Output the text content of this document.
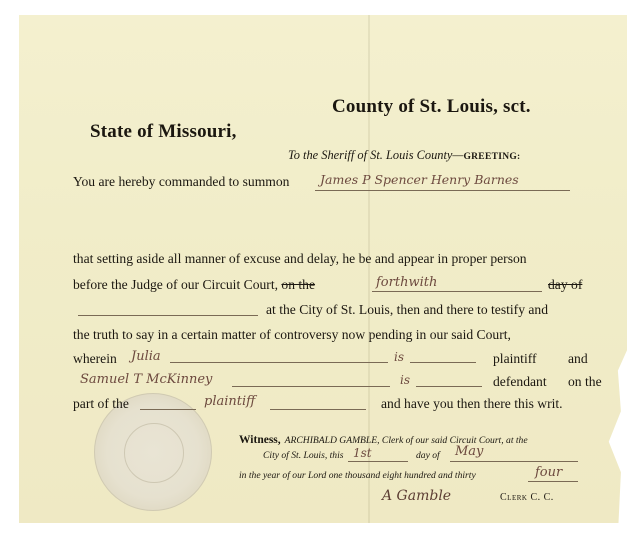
County of St. Louis, sct.
State of Missouri,
To the Sheriff of St. Louis County—GREETING:
You are hereby commanded to summon James P Spencer Henry Barnes
that setting aside all manner of excuse and delay, he be and appear in proper person
before the Judge of our Circuit Court, on the	forthwith	day of
at the City of St. Louis, then and there to testify and
the truth to say in a certain matter of controversy now pending in our said Court,
wherein Julia	is	plaintiff and
Samuel T McKinney	is	defendant on the
part of the	plaintiff	and have you then there this writ.
Witness, ARCHIBALD GAMBLE, Clerk of our said Circuit Court, at the
City of St. Louis, this 1st	day of May
in the year of our Lord one thousand eight hundred and thirty	four
A Gamble	Clerk C. C.
